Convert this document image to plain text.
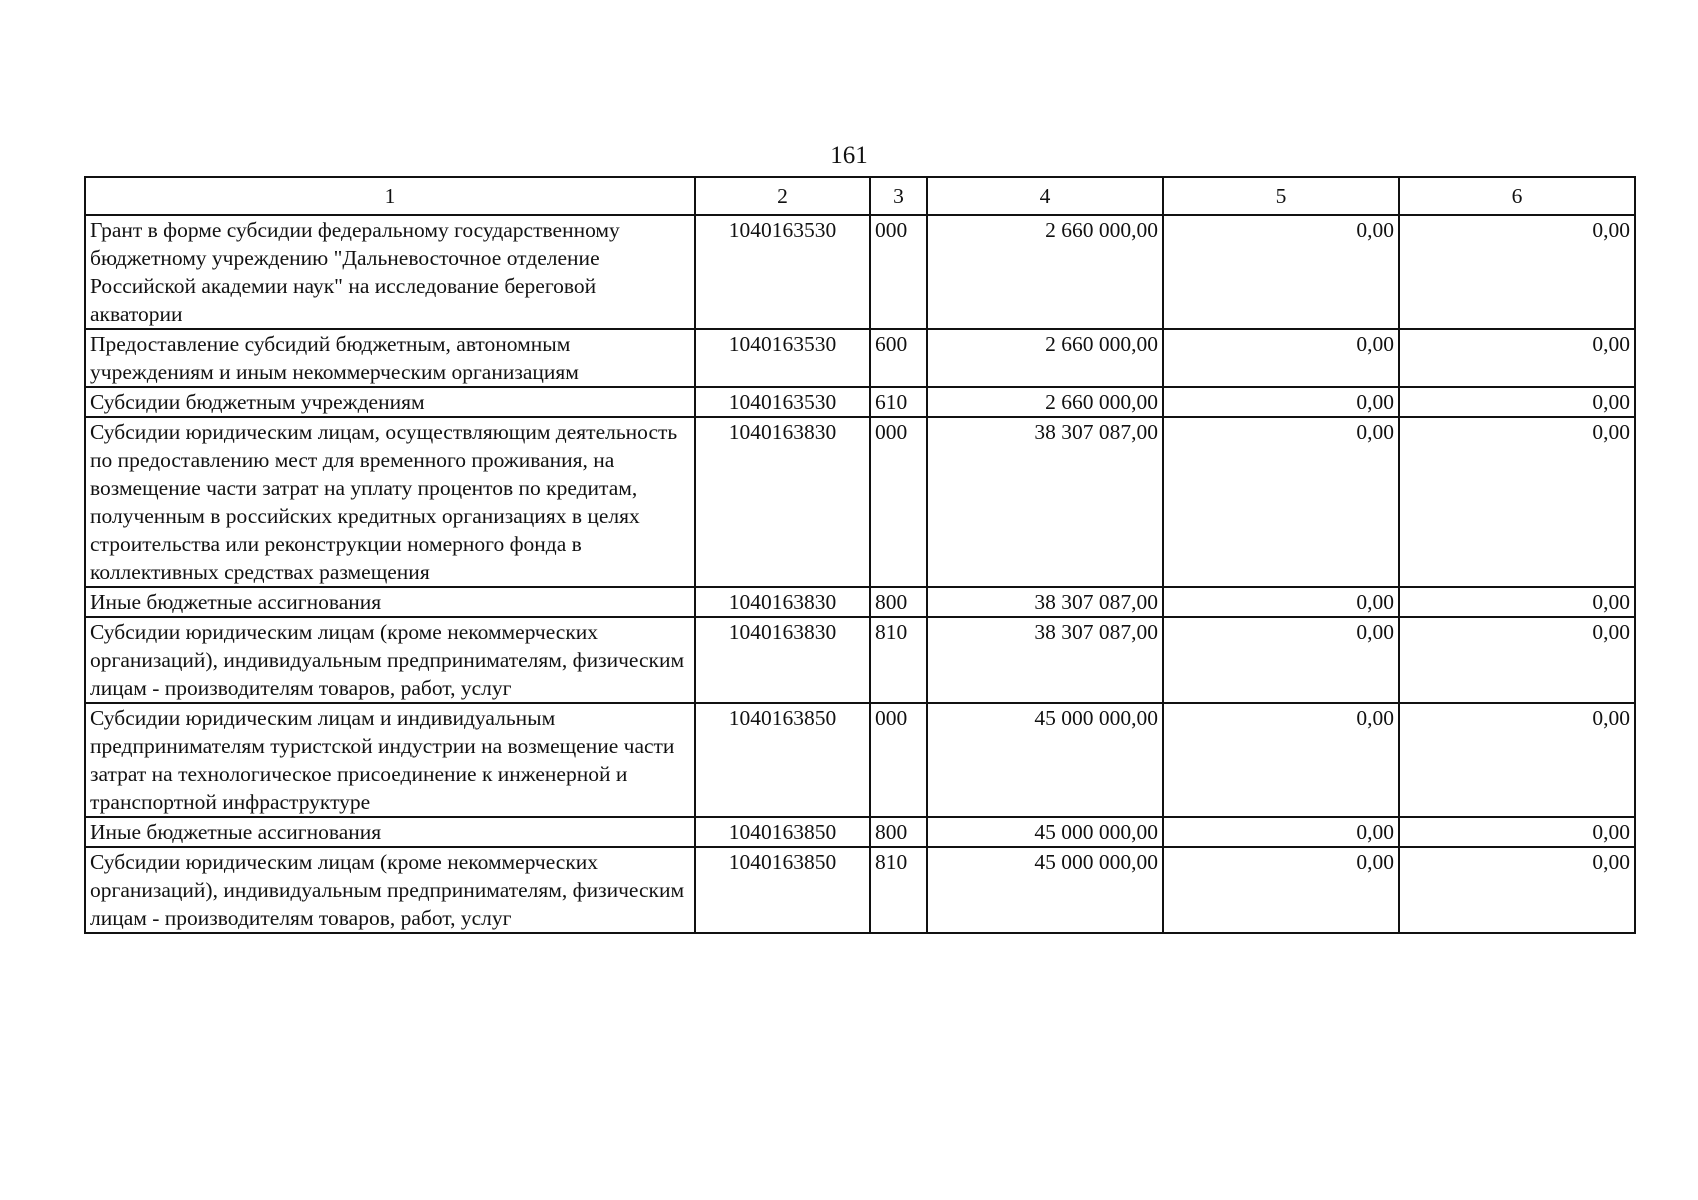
161
1	2	3	4	5	6
Грант в форме субсидии федеральному государственному бюджетному учреждению "Дальневосточное отделение Российской академии наук" на исследование береговой акватории	1040163530	000	2 660 000,00	0,00	0,00
Предоставление субсидий бюджетным, автономным учреждениям и иным некоммерческим организациям	1040163530	600	2 660 000,00	0,00	0,00
Субсидии бюджетным учреждениям	1040163530	610	2 660 000,00	0,00	0,00
Субсидии юридическим лицам, осуществляющим деятельность по предоставлению мест для временного проживания, на возмещение части затрат на уплату процентов по кредитам, полученным в российских кредитных организациях в целях строительства или реконструкции номерного фонда в коллективных средствах размещения	1040163830	000	38 307 087,00	0,00	0,00
Иные бюджетные ассигнования	1040163830	800	38 307 087,00	0,00	0,00
Субсидии юридическим лицам (кроме некоммерческих организаций), индивидуальным предпринимателям, физическим лицам - производителям товаров, работ, услуг	1040163830	810	38 307 087,00	0,00	0,00
Субсидии юридическим лицам и индивидуальным предпринимателям туристской индустрии на возмещение части затрат на технологическое присоединение к инженерной и транспортной инфраструктуре	1040163850	000	45 000 000,00	0,00	0,00
Иные бюджетные ассигнования	1040163850	800	45 000 000,00	0,00	0,00
Субсидии юридическим лицам (кроме некоммерческих организаций), индивидуальным предпринимателям, физическим лицам - производителям товаров, работ, услуг	1040163850	810	45 000 000,00	0,00	0,00
